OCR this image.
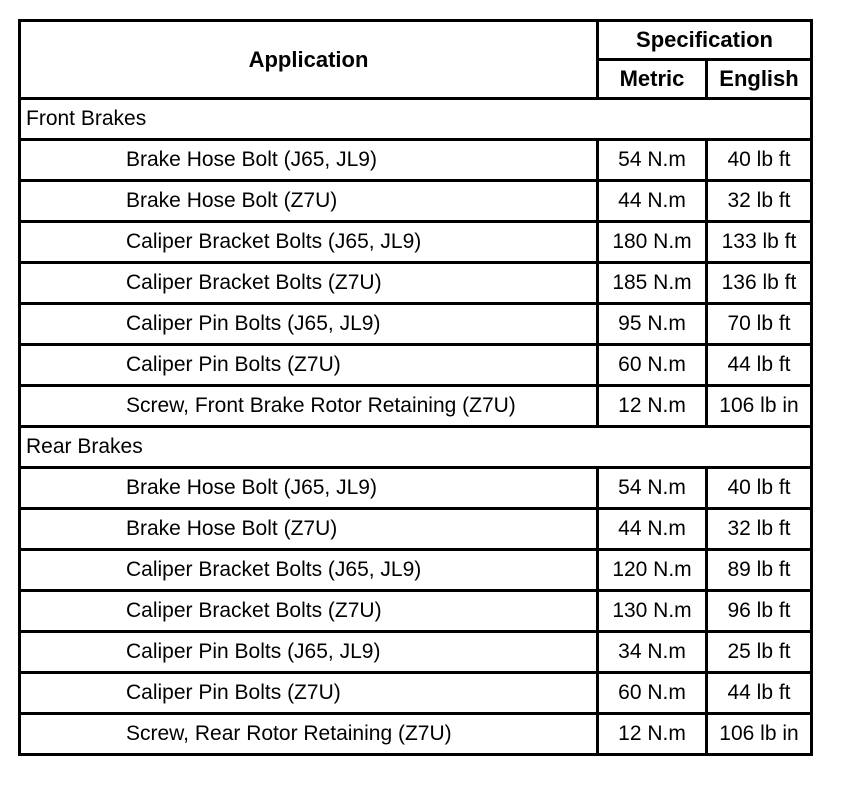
Application	Specification	
	Metric	English
Front Brakes		
Brake Hose Bolt (J65, JL9)	54 N.m	40 lb ft
Brake Hose Bolt (Z7U)	44 N.m	32 lb ft
Caliper Bracket Bolts (J65, JL9)	180 N.m	133 lb ft
Caliper Bracket Bolts (Z7U)	185 N.m	136 lb ft
Caliper Pin Bolts (J65, JL9)	95 N.m	70 lb ft
Caliper Pin Bolts (Z7U)	60 N.m	44 lb ft
Screw, Front Brake Rotor Retaining (Z7U)	12 N.m	106 lb in
Rear Brakes		
Brake Hose Bolt (J65, JL9)	54 N.m	40 lb ft
Brake Hose Bolt (Z7U)	44 N.m	32 lb ft
Caliper Bracket Bolts (J65, JL9)	120 N.m	89 lb ft
Caliper Bracket Bolts (Z7U)	130 N.m	96 lb ft
Caliper Pin Bolts (J65, JL9)	34 N.m	25 lb ft
Caliper Pin Bolts (Z7U)	60 N.m	44 lb ft
Screw, Rear Rotor Retaining (Z7U)	12 N.m	106 lb in
